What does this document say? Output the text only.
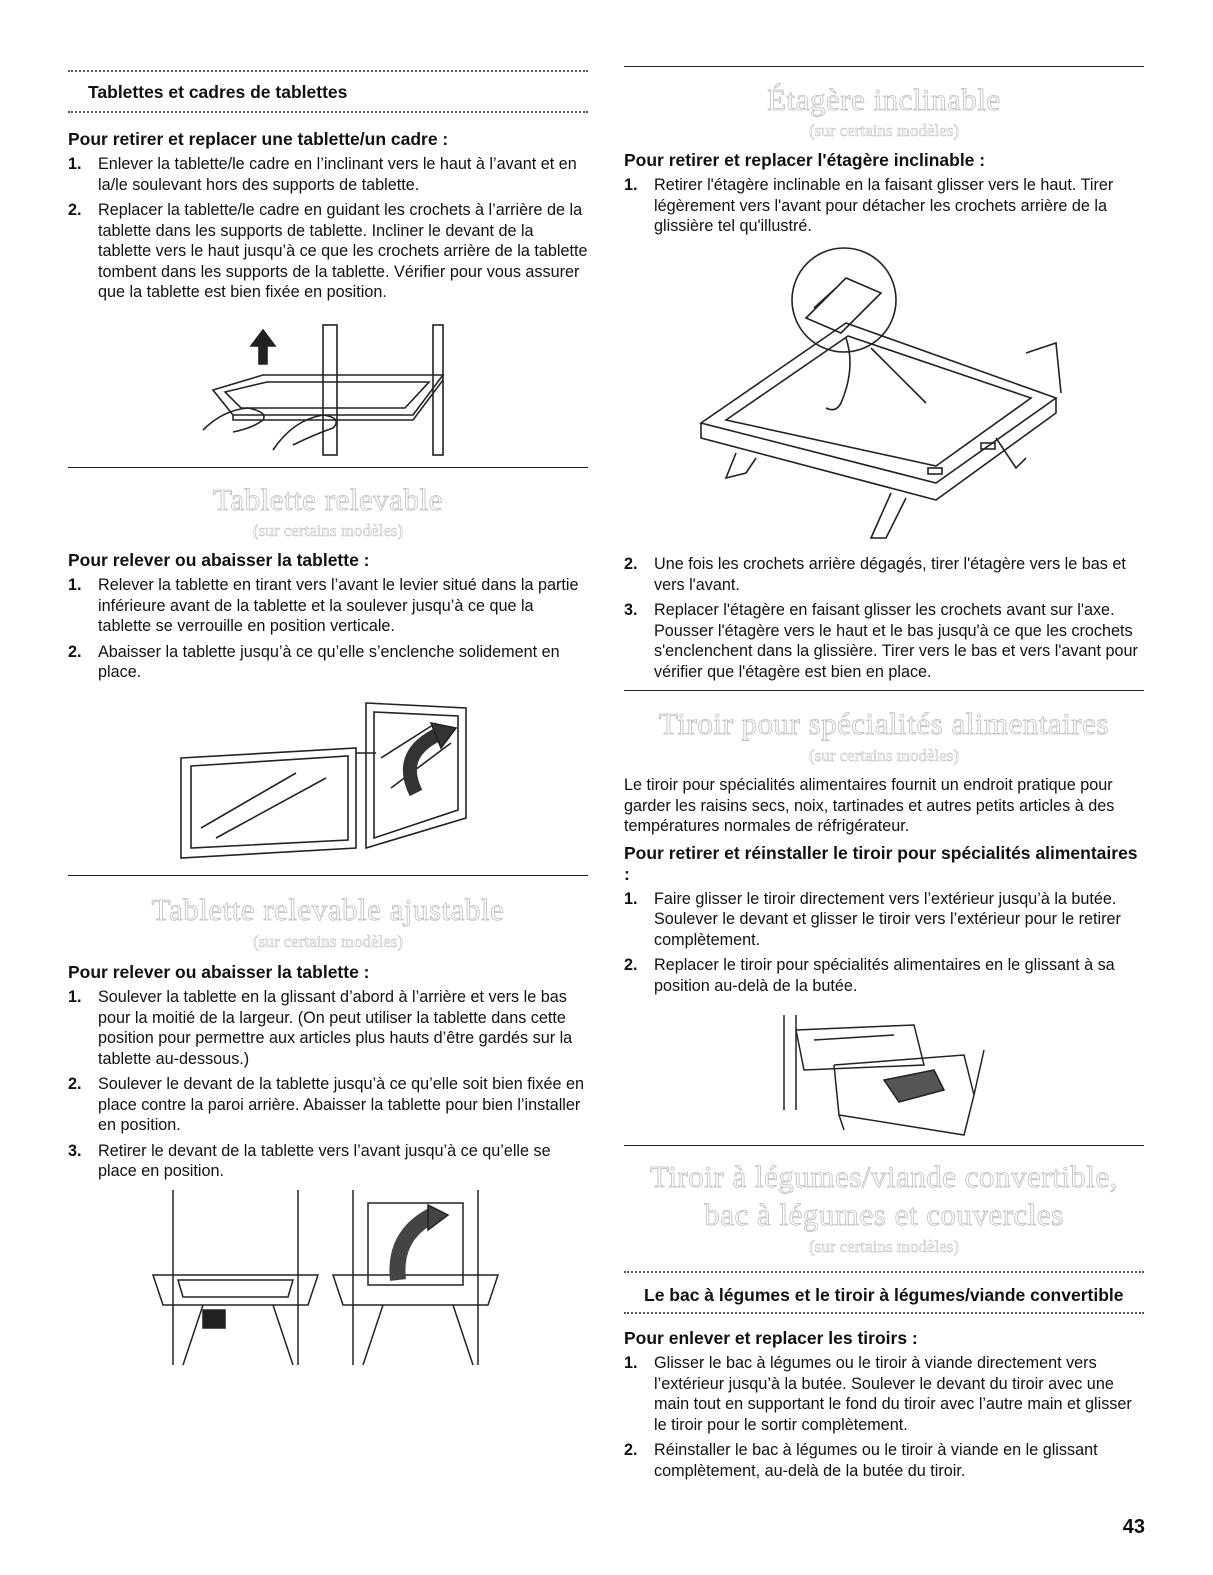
Tablettes et cadres de tablettes
Pour retirer et replacer une tablette/un cadre :
1. Enlever la tablette/le cadre en l’inclinant vers le haut à l’avant et en la/le soulevant hors des supports de tablette.
2. Replacer la tablette/le cadre en guidant les crochets à l’arrière de la tablette dans les supports de tablette. Incliner le devant de la tablette vers le haut jusqu’à ce que les crochets arrière de la tablette tombent dans les supports de la tablette. Vérifier pour vous assurer que la tablette est bien fixée en position.
Tablette relevable
(sur certains modèles)
Pour relever ou abaisser la tablette :
1. Relever la tablette en tirant vers l’avant le levier situé dans la partie inférieure avant de la tablette et la soulever jusqu’à ce que la tablette se verrouille en position verticale.
2. Abaisser la tablette jusqu’à ce qu’elle s’enclenche solidement en place.
Tablette relevable ajustable
(sur certains modèles)
Pour relever ou abaisser la tablette :
1. Soulever la tablette en la glissant d’abord à l’arrière et vers le bas pour la moitié de la largeur. (On peut utiliser la tablette dans cette position pour permettre aux articles plus hauts d’être gardés sur la tablette au-dessous.)
2. Soulever le devant de la tablette jusqu’à ce qu’elle soit bien fixée en place contre la paroi arrière. Abaisser la tablette pour bien l’installer en position.
3. Retirer le devant de la tablette vers l’avant jusqu’à ce qu’elle se place en position.
Étagère inclinable
(sur certains modèles)
Pour retirer et replacer l'étagère inclinable :
1. Retirer l'étagère inclinable en la faisant glisser vers le haut. Tirer légèrement vers l'avant pour détacher les crochets arrière de la glissière tel qu'illustré.
2. Une fois les crochets arrière dégagés, tirer l'étagère vers le bas et vers l'avant.
3. Replacer l'étagère en faisant glisser les crochets avant sur l'axe. Pousser l'étagère vers le haut et le bas jusqu'à ce que les crochets s'enclenchent dans la glissière. Tirer vers le bas et vers l'avant pour vérifier que l'étagère est bien en place.
Tiroir pour spécialités alimentaires
(sur certains modèles)

Le tiroir pour spécialités alimentaires fournit un endroit pratique pour garder les raisins secs, noix, tartinades et autres petits articles à des températures normales de réfrigérateur.

Pour retirer et réinstaller le tiroir pour spécialités alimentaires :
1. Faire glisser le tiroir directement vers l’extérieur jusqu’à la butée. Soulever le devant et glisser le tiroir vers l’extérieur pour le retirer complètement.
2. Replacer le tiroir pour spécialités alimentaires en le glissant à sa position au-delà de la butée.
Tiroir à légumes/viande convertible, bac à légumes et couvercles
(sur certains modèles)
Le bac à légumes et le tiroir à légumes/viande convertible
Pour enlever et replacer les tiroirs :
1. Glisser le bac à légumes ou le tiroir à viande directement vers l’extérieur jusqu’à la butée. Soulever le devant du tiroir avec une main tout en supportant le fond du tiroir avec l’autre main et glisser le tiroir pour le sortir complètement.
2. Réinstaller le bac à légumes ou le tiroir à viande en le glissant complètement, au-delà de la butée du tiroir.
43
